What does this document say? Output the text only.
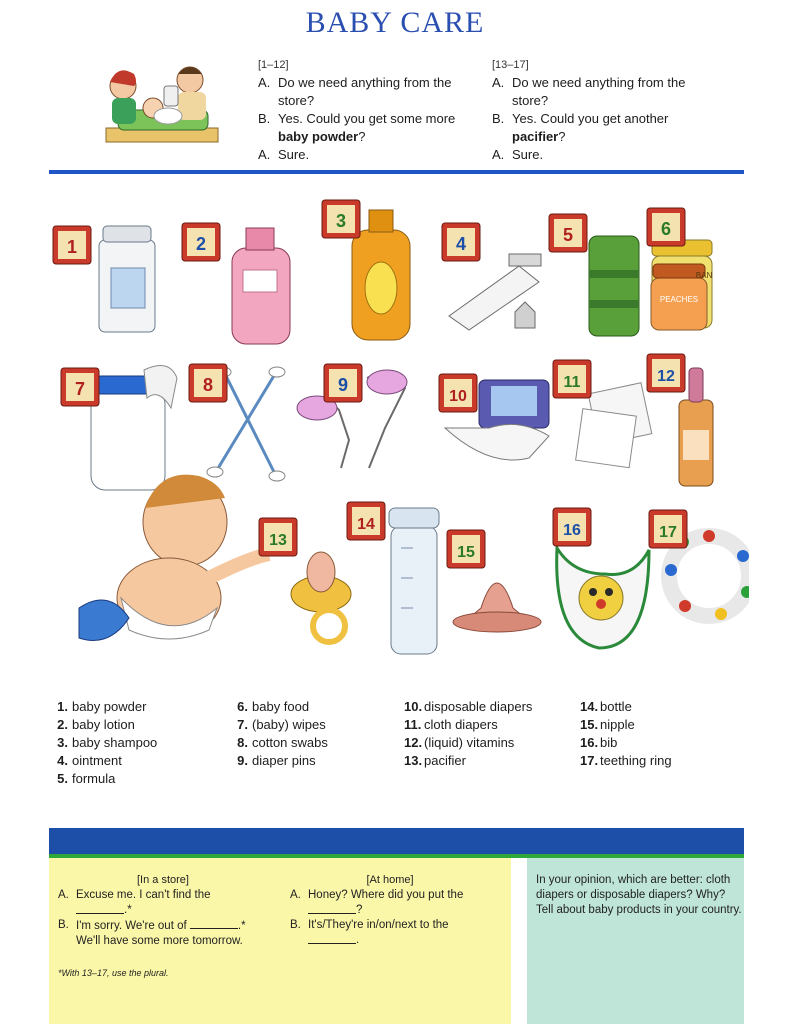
BABY CARE
[1–12]
A. Do we need anything from the store?
B. Yes. Could you get some more baby powder?
A. Sure.
[13–17]
A. Do we need anything from the store?
B. Yes. Could you get another pacifier?
A. Sure.
1	2
3
4	5
PEACHES
BAN
6
7	8	9
10
11	12
13
14
15
16	17
1. baby powder
2. baby lotion
3. baby shampoo
4. ointment
5. formula
6. baby food
7. (baby) wipes
8. cotton swabs
9. diaper pins
10. disposable diapers
11. cloth diapers
12. (liquid) vitamins
13. pacifier
14. bottle
15. nipple
16. bib
17. teething ring
[In a store]
A. Excuse me. I can't find the
.*
B. I'm sorry. We're out of	.*
We'll have some more tomorrow.
[At home]
A. Honey? Where did you put the
?
B. It's/They're in/on/next to the
.
*With 13–17, use the plural.
In your opinion, which are better: cloth diapers or disposable diapers? Why?
Tell about baby products in your country.
